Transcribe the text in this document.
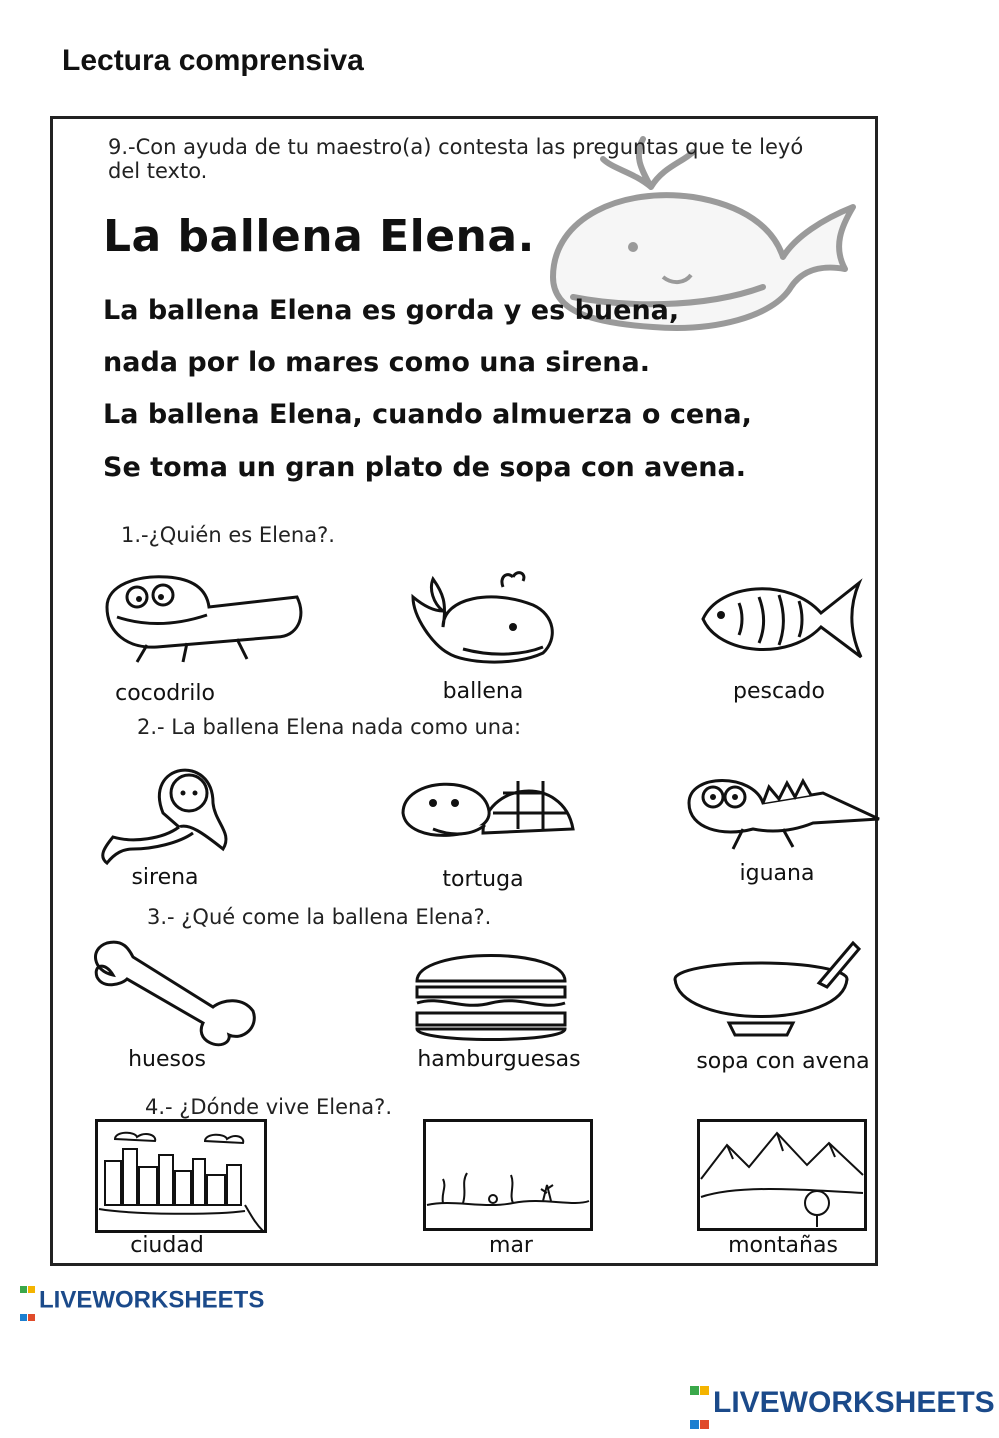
Lectura comprensiva
9.-Con ayuda de tu maestro(a) contesta las preguntas que te leyó del texto.
La ballena Elena.
La ballena Elena es gorda y es buena,
nada por lo mares como una sirena.
La ballena Elena, cuando almuerza o cena,
Se toma un gran plato de sopa con avena.
1.-¿Quién es Elena?.
cocodrilo	ballena	pescado
2.- La ballena Elena nada como una:
sirena	tortuga	iguana
3.- ¿Qué come la ballena Elena?.
huesos	hamburguesas	sopa con avena
4.- ¿Dónde vive Elena?.
ciudad	mar	montañas

LIVEWORKSHEETS

LIVEWORKSHEETS
